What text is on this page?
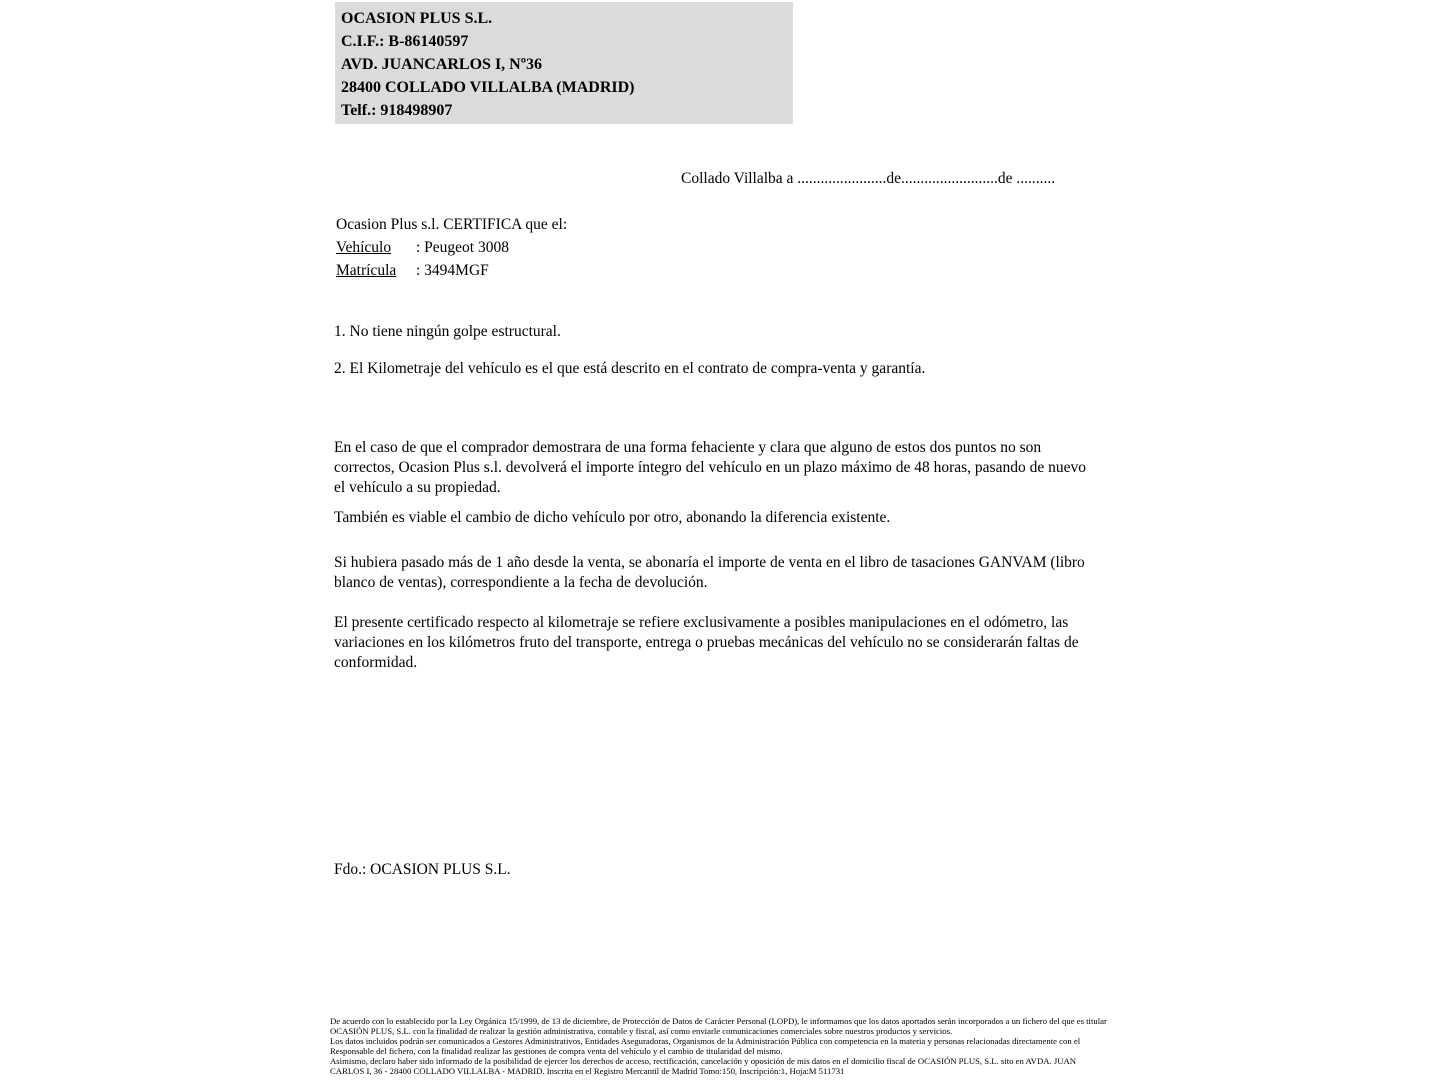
OCASION PLUS S.L.
C.I.F.: B-86140597
AVD. JUANCARLOS I, Nº36
28400 COLLADO VILLALBA (MADRID)
Telf.: 918498907
Collado Villalba a .......................de.........................de ..........
Ocasion Plus s.l. CERTIFICA que el:
Vehículo : Peugeot 3008
Matrícula : 3494MGF
1. No tiene ningún golpe estructural.
2. El Kilometraje del vehículo es el que está descrito en el contrato de compra-venta y garantía.

En el caso de que el comprador demostrara de una forma fehaciente y clara que alguno de estos dos puntos no son correctos, Ocasion Plus s.l. devolverá el importe íntegro del vehículo en un plazo máximo de 48 horas, pasando de nuevo el vehículo a su propiedad.

También es viable el cambio de dicho vehículo por otro, abonando la diferencia existente.

Si hubiera pasado más de 1 año desde la venta, se abonaría el importe de venta en el libro de tasaciones GANVAM (libro blanco de ventas), correspondiente a la fecha de devolución.

El presente certificado respecto al kilometraje se refiere exclusivamente a posibles manipulaciones en el odómetro, las variaciones en los kilómetros fruto del transporte, entrega o pruebas mecánicas del vehículo no se considerarán faltas de conformidad.

Fdo.: OCASION PLUS S.L.

De acuerdo con lo establecido por la Ley Orgánica 15/1999, de 13 de diciembre, de Protección de Datos de Carácter Personal (LOPD), le informamos que los datos aportados serán incorporados a un fichero del que es titular OCASIÓN PLUS, S.L. con la finalidad de realizar la gestión administrativa, contable y fiscal, así como enviarle comunicaciones comerciales sobre nuestros productos y servicios.

Los datos incluidos podrán ser comunicados a Gestores Administrativos, Entidades Aseguradoras, Organismos de la Administración Pública con competencia en la materia y personas relacionadas directamente con el Responsable del fichero, con la finalidad realizar las gestiones de compra venta del vehículo y el cambio de titularidad del mismo.

Asimismo, declaro haber sido informado de la posibilidad de ejercer los derechos de acceso, rectificación, cancelación y oposición de mis datos en el domicilio fiscal de OCASIÓN PLUS, S.L. sito en AVDA. JUAN CARLOS I, 36 - 28400 COLLADO VILLALBA - MADRID. Inscrita en el Registro Mercantil de Madrid Tomo:150, Inscripción:1, Hoja:M 511731
